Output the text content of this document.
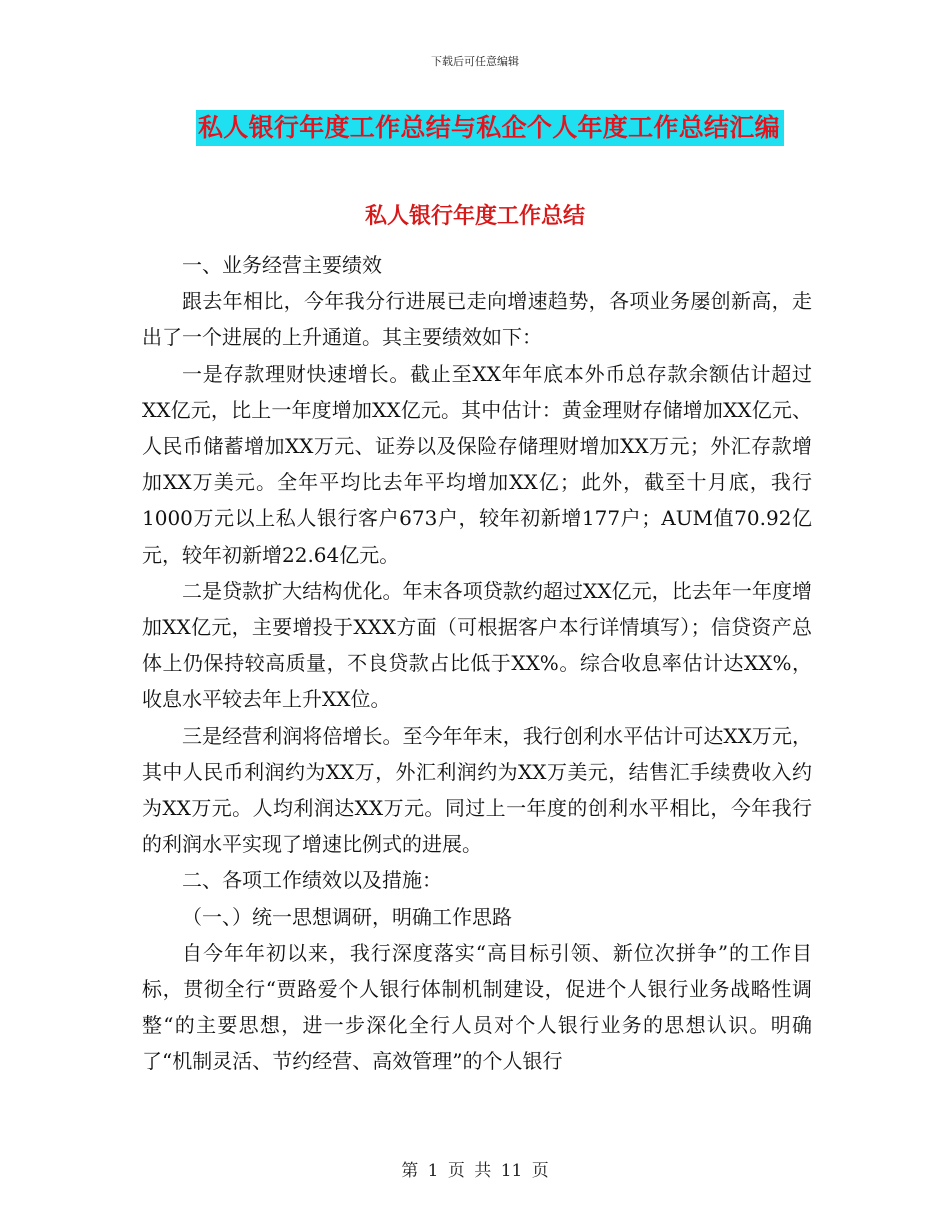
下载后可任意编辑
私人银行年度工作总结与私企个人年度工作总结汇编
私人银行年度工作总结

一、业务经营主要绩效

跟去年相比，今年我分行进展已走向增速趋势，各项业务屡创新高，走出了一个进展的上升通道。其主要绩效如下：

一是存款理财快速增长。截止至XX年年底本外币总存款余额估计超过XX亿元，比上一年度增加XX亿元。其中估计：黄金理财存储增加XX亿元、人民币储蓄增加XX万元、证券以及保险存储理财增加XX万元；外汇存款增加XX万美元。全年平均比去年平均增加XX亿；此外，截至十月底，我行1000万元以上私人银行客户673户，较年初新增177户；AUM值70.92亿元，较年初新增22.64亿元。

二是贷款扩大结构优化。年末各项贷款约超过XX亿元，比去年一年度增加XX亿元，主要增投于XXX方面（可根据客户本行详情填写）；信贷资产总体上仍保持较高质量，不良贷款占比低于XX%。综合收息率估计达XX%，收息水平较去年上升XX位。

三是经营利润将倍增长。至今年年末，我行创利水平估计可达XX万元，其中人民币利润约为XX万，外汇利润约为XX万美元，结售汇手续费收入约为XX万元。人均利润达XX万元。同过上一年度的创利水平相比，今年我行的利润水平实现了增速比例式的进展。

二、各项工作绩效以及措施：

（一、）统一思想调研，明确工作思路

自今年年初以来，我行深度落实“高目标引领、新位次拼争”的工作目标，贯彻全行“贾路爱个人银行体制机制建设，促进个人银行业务战略性调整“的主要思想，进一步深化全行人员对个人银行业务的思想认识。明确了“机制灵活、节约经营、高效管理”的个人银行

第 1 页 共 11 页
